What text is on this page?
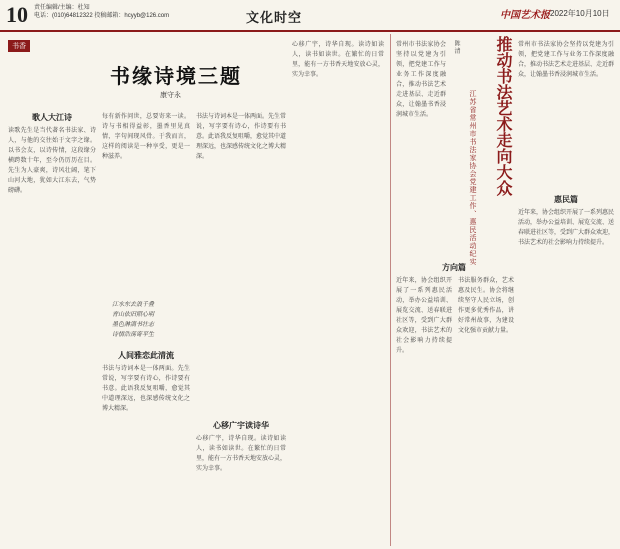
10 责任编辑/主编：杜知
电话：(010)64812322 投稿邮箱：hcyyb@126.com	文化时空	中国艺术报 2022年10月10日
书香
书缘诗境三题
康守永
歌人大江诗
读歌先生是当代著名书法家、诗人，与他的交往始于文字之缘。以书会友，以诗传情，这段缘分横跨数十年，至今仍历历在目。先生为人豪爽，诗风壮阔，笔下山河大地，犹如大江东去，气势磅礴。
每有新作问世，总要寄来一读。诗与书相得益彰，墨香里见真情，字句间现风骨。于我而言，这样的阅读是一种享受，更是一种滋养。
江水东去浪千叠
青山依旧照心明
墨色淋漓书壮志
诗情浩荡寄平生
人间雅恋此清流
书法与诗词本是一体两面。先生常说，写字要有诗心，作诗要有书意。此语我反复咀嚼，愈觉其中道理深远，也深感传统文化之博大精深。
书法与诗词本是一体两面。先生常说，写字要有诗心，作诗要有书意。此语我反复咀嚼，愈觉其中道理深远，也深感传统文化之博大精深。
心移广宇读诗华
心移广宇，诗华自现。读诗如读人，读书如读世。在繁忙的日常里，能有一方书香天地安放心灵，实为幸事。
心移广宇，诗华自现。读诗如读人，读书如读世。在繁忙的日常里，能有一方书香天地安放心灵，实为幸事。
常州市书法家协会坚持以党建为引领，把党建工作与业务工作深度融合，推动书法艺术走进基层、走近群众，让翰墨书香浸润城市生活。
陈 清
江苏省常州市书法家协会党建工作、惠民活动纪实	推动书法艺术走向大众 常州市书法家协会坚持以党建为引领，把党建工作与业务工作深度融合，推动书法艺术走进基层、走近群众，让翰墨书香浸润城市生活。
惠民篇
近年来，协会组织开展了一系列惠民活动，举办公益培训、展览交流、送春联进社区等，受到广大群众欢迎，书法艺术的社会影响力持续提升。
方向篇
近年来，协会组织开展了一系列惠民活动，举办公益培训、展览交流、送春联进社区等，受到广大群众欢迎，书法艺术的社会影响力持续提升。
书法服务群众，艺术惠及民生。协会将继续坚守人民立场，创作更多优秀作品，讲好常州故事，为建设文化强市贡献力量。
